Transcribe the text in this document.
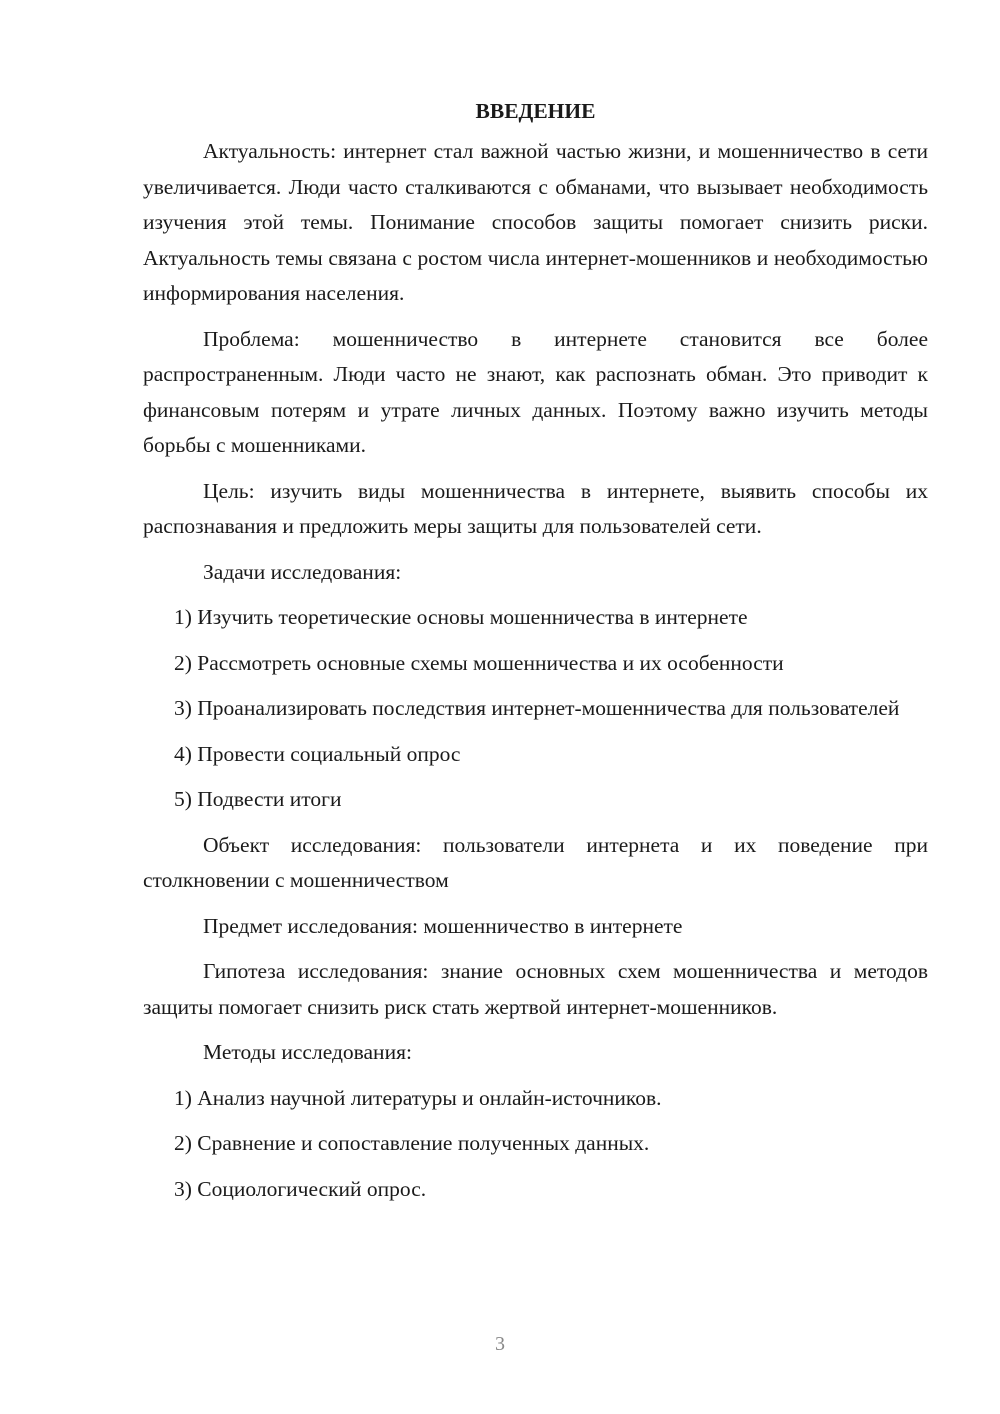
ВВЕДЕНИЕ

Актуальность: интернет стал важной частью жизни, и мошенничество в сети увеличивается. Люди часто сталкиваются с обманами, что вызывает необходимость изучения этой темы. Понимание способов защиты помогает снизить риски. Актуальность темы связана с ростом числа интернет-мошенников и необходимостью информирования населения.

Проблема: мошенничество в интернете становится все более распространенным. Люди часто не знают, как распознать обман. Это приводит к финансовым потерям и утрате личных данных. Поэтому важно изучить методы борьбы с мошенниками.

Цель: изучить виды мошенничества в интернете, выявить способы их распознавания и предложить меры защиты для пользователей сети.

Задачи исследования:

1) Изучить теоретические основы мошенничества в интернете

2) Рассмотреть основные схемы мошенничества и их особенности

3) Проанализировать последствия интернет-мошенничества для пользователей

4) Провести социальный опрос

5) Подвести итоги

Объект исследования: пользователи интернета и их поведение при столкновении с мошенничеством

Предмет исследования: мошенничество в интернете

Гипотеза исследования: знание основных схем мошенничества и методов защиты помогает снизить риск стать жертвой интернет-мошенников.

Методы исследования:

1) Анализ научной литературы и онлайн-источников.

2) Сравнение и сопоставление полученных данных.

3) Социологический опрос.

3
